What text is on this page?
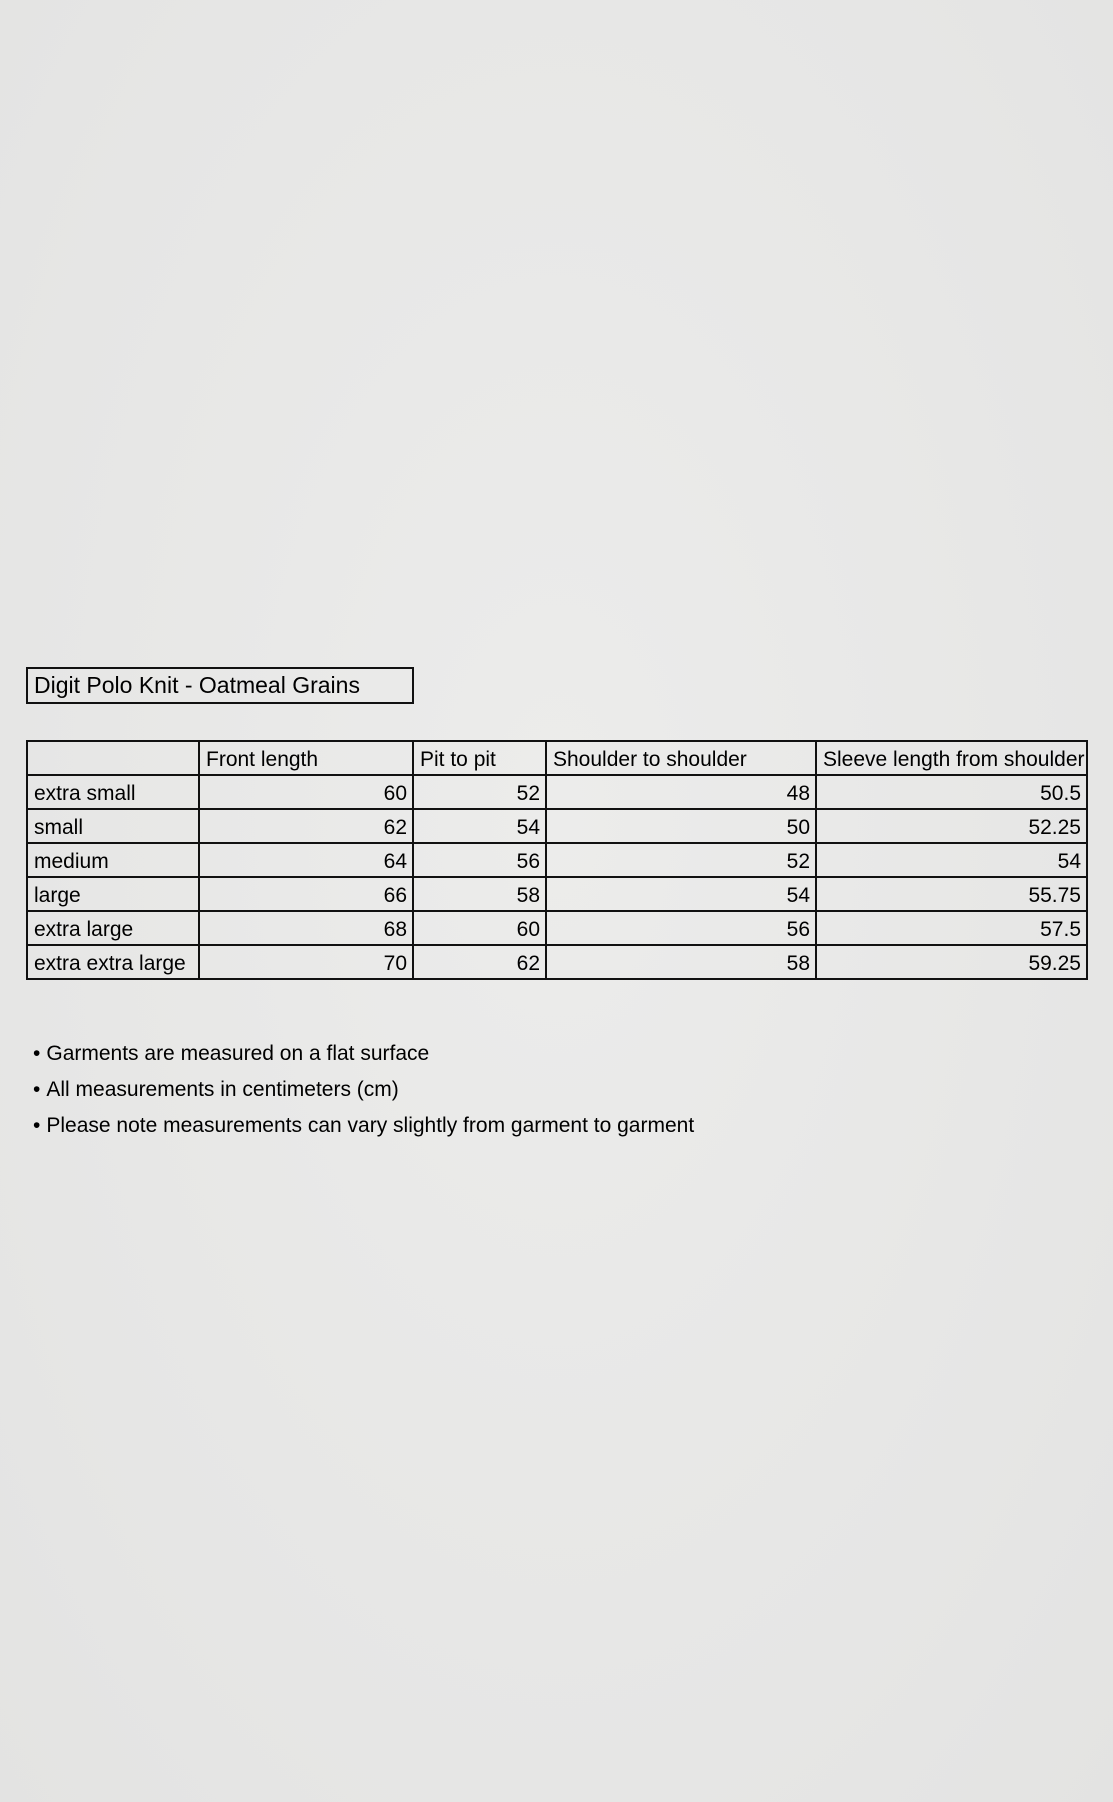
Digit Polo Knit - Oatmeal Grains
	Front length	Pit to pit	Shoulder to shoulder	Sleeve length from shoulder
extra small	60	52	48	50.5
small	62	54	50	52.25
medium	64	56	52	54
large	66	58	54	55.75
extra large	68	60	56	57.5
extra extra large	70	62	58	59.25
• Garments are measured on a flat surface
• All measurements in centimeters (cm)
• Please note measurements can vary slightly from garment to garment
